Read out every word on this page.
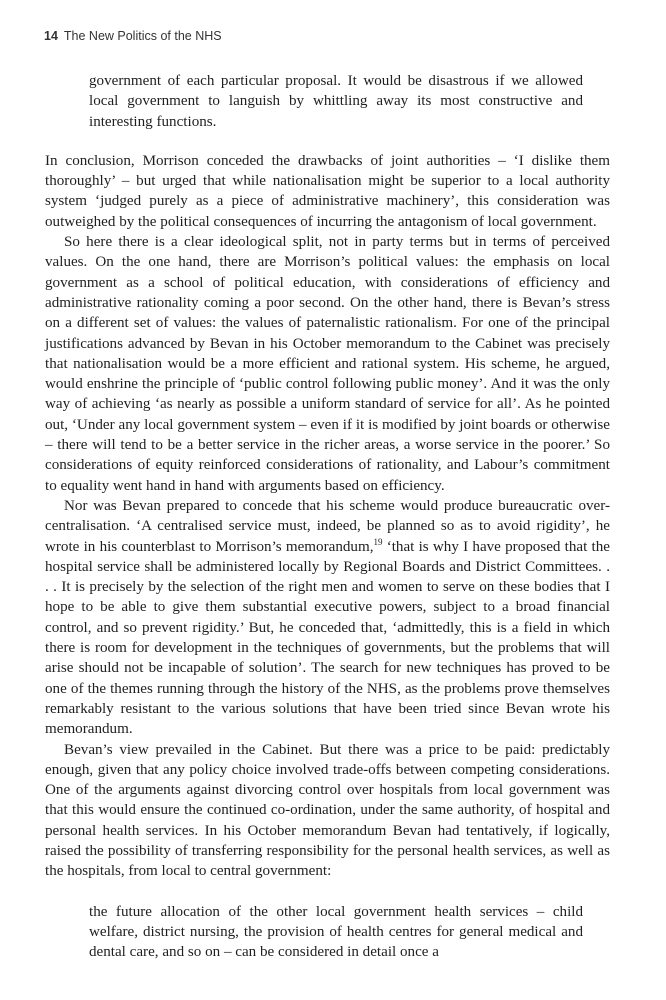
14 The New Politics of the NHS

government of each particular proposal. It would be disastrous if we allowed local government to languish by whittling away its most constructive and interesting functions.

In conclusion, Morrison conceded the drawbacks of joint authorities – ‘I dislike them thoroughly’ – but urged that while nationalisation might be superior to a local authority system ‘judged purely as a piece of administrative machinery’, this consideration was outweighed by the political consequences of incurring the antagonism of local government.

So here there is a clear ideological split, not in party terms but in terms of perceived values. On the one hand, there are Morrison’s political values: the emphasis on local government as a school of political education, with considerations of efficiency and administrative rationality coming a poor second. On the other hand, there is Bevan’s stress on a different set of values: the values of paternalistic rationalism. For one of the principal justifications advanced by Bevan in his October memorandum to the Cabinet was precisely that nationalisation would be a more efficient and rational system. His scheme, he argued, would enshrine the principle of ‘public control following public money’. And it was the only way of achieving ‘as nearly as possible a uniform standard of service for all’. As he pointed out, ‘Under any local government system – even if it is modified by joint boards or otherwise – there will tend to be a better service in the richer areas, a worse service in the poorer.’ So considerations of equity reinforced considerations of rationality, and Labour’s commitment to equality went hand in hand with arguments based on efficiency.

Nor was Bevan prepared to concede that his scheme would produce bureaucratic over-centralisation. ‘A centralised service must, indeed, be planned so as to avoid rigidity’, he wrote in his counterblast to Morrison’s memorandum,$^{19}$ ‘that is why I have proposed that the hospital service shall be administered locally by Regional Boards and District Committees. . . . It is precisely by the selection of the right men and women to serve on these bodies that I hope to be able to give them substantial executive powers, subject to a broad financial control, and so prevent rigidity.’ But, he conceded that, ‘admittedly, this is a field in which there is room for development in the techniques of governments, but the problems that will arise should not be incapable of solution’. The search for new techniques has proved to be one of the themes running through the history of the NHS, as the problems prove themselves remarkably resistant to the various solutions that have been tried since Bevan wrote his memorandum.

Bevan’s view prevailed in the Cabinet. But there was a price to be paid: predictably enough, given that any policy choice involved trade-offs between competing considerations. One of the arguments against divorcing control over hospitals from local government was that this would ensure the continued co-ordination, under the same authority, of hospital and personal health services. In his October memorandum Bevan had tentatively, if logically, raised the possibility of transferring responsibility for the personal health services, as well as the hospitals, from local to central government:

the future allocation of the other local government health services – child welfare, district nursing, the provision of health centres for general medical and dental care, and so on – can be considered in detail once a
